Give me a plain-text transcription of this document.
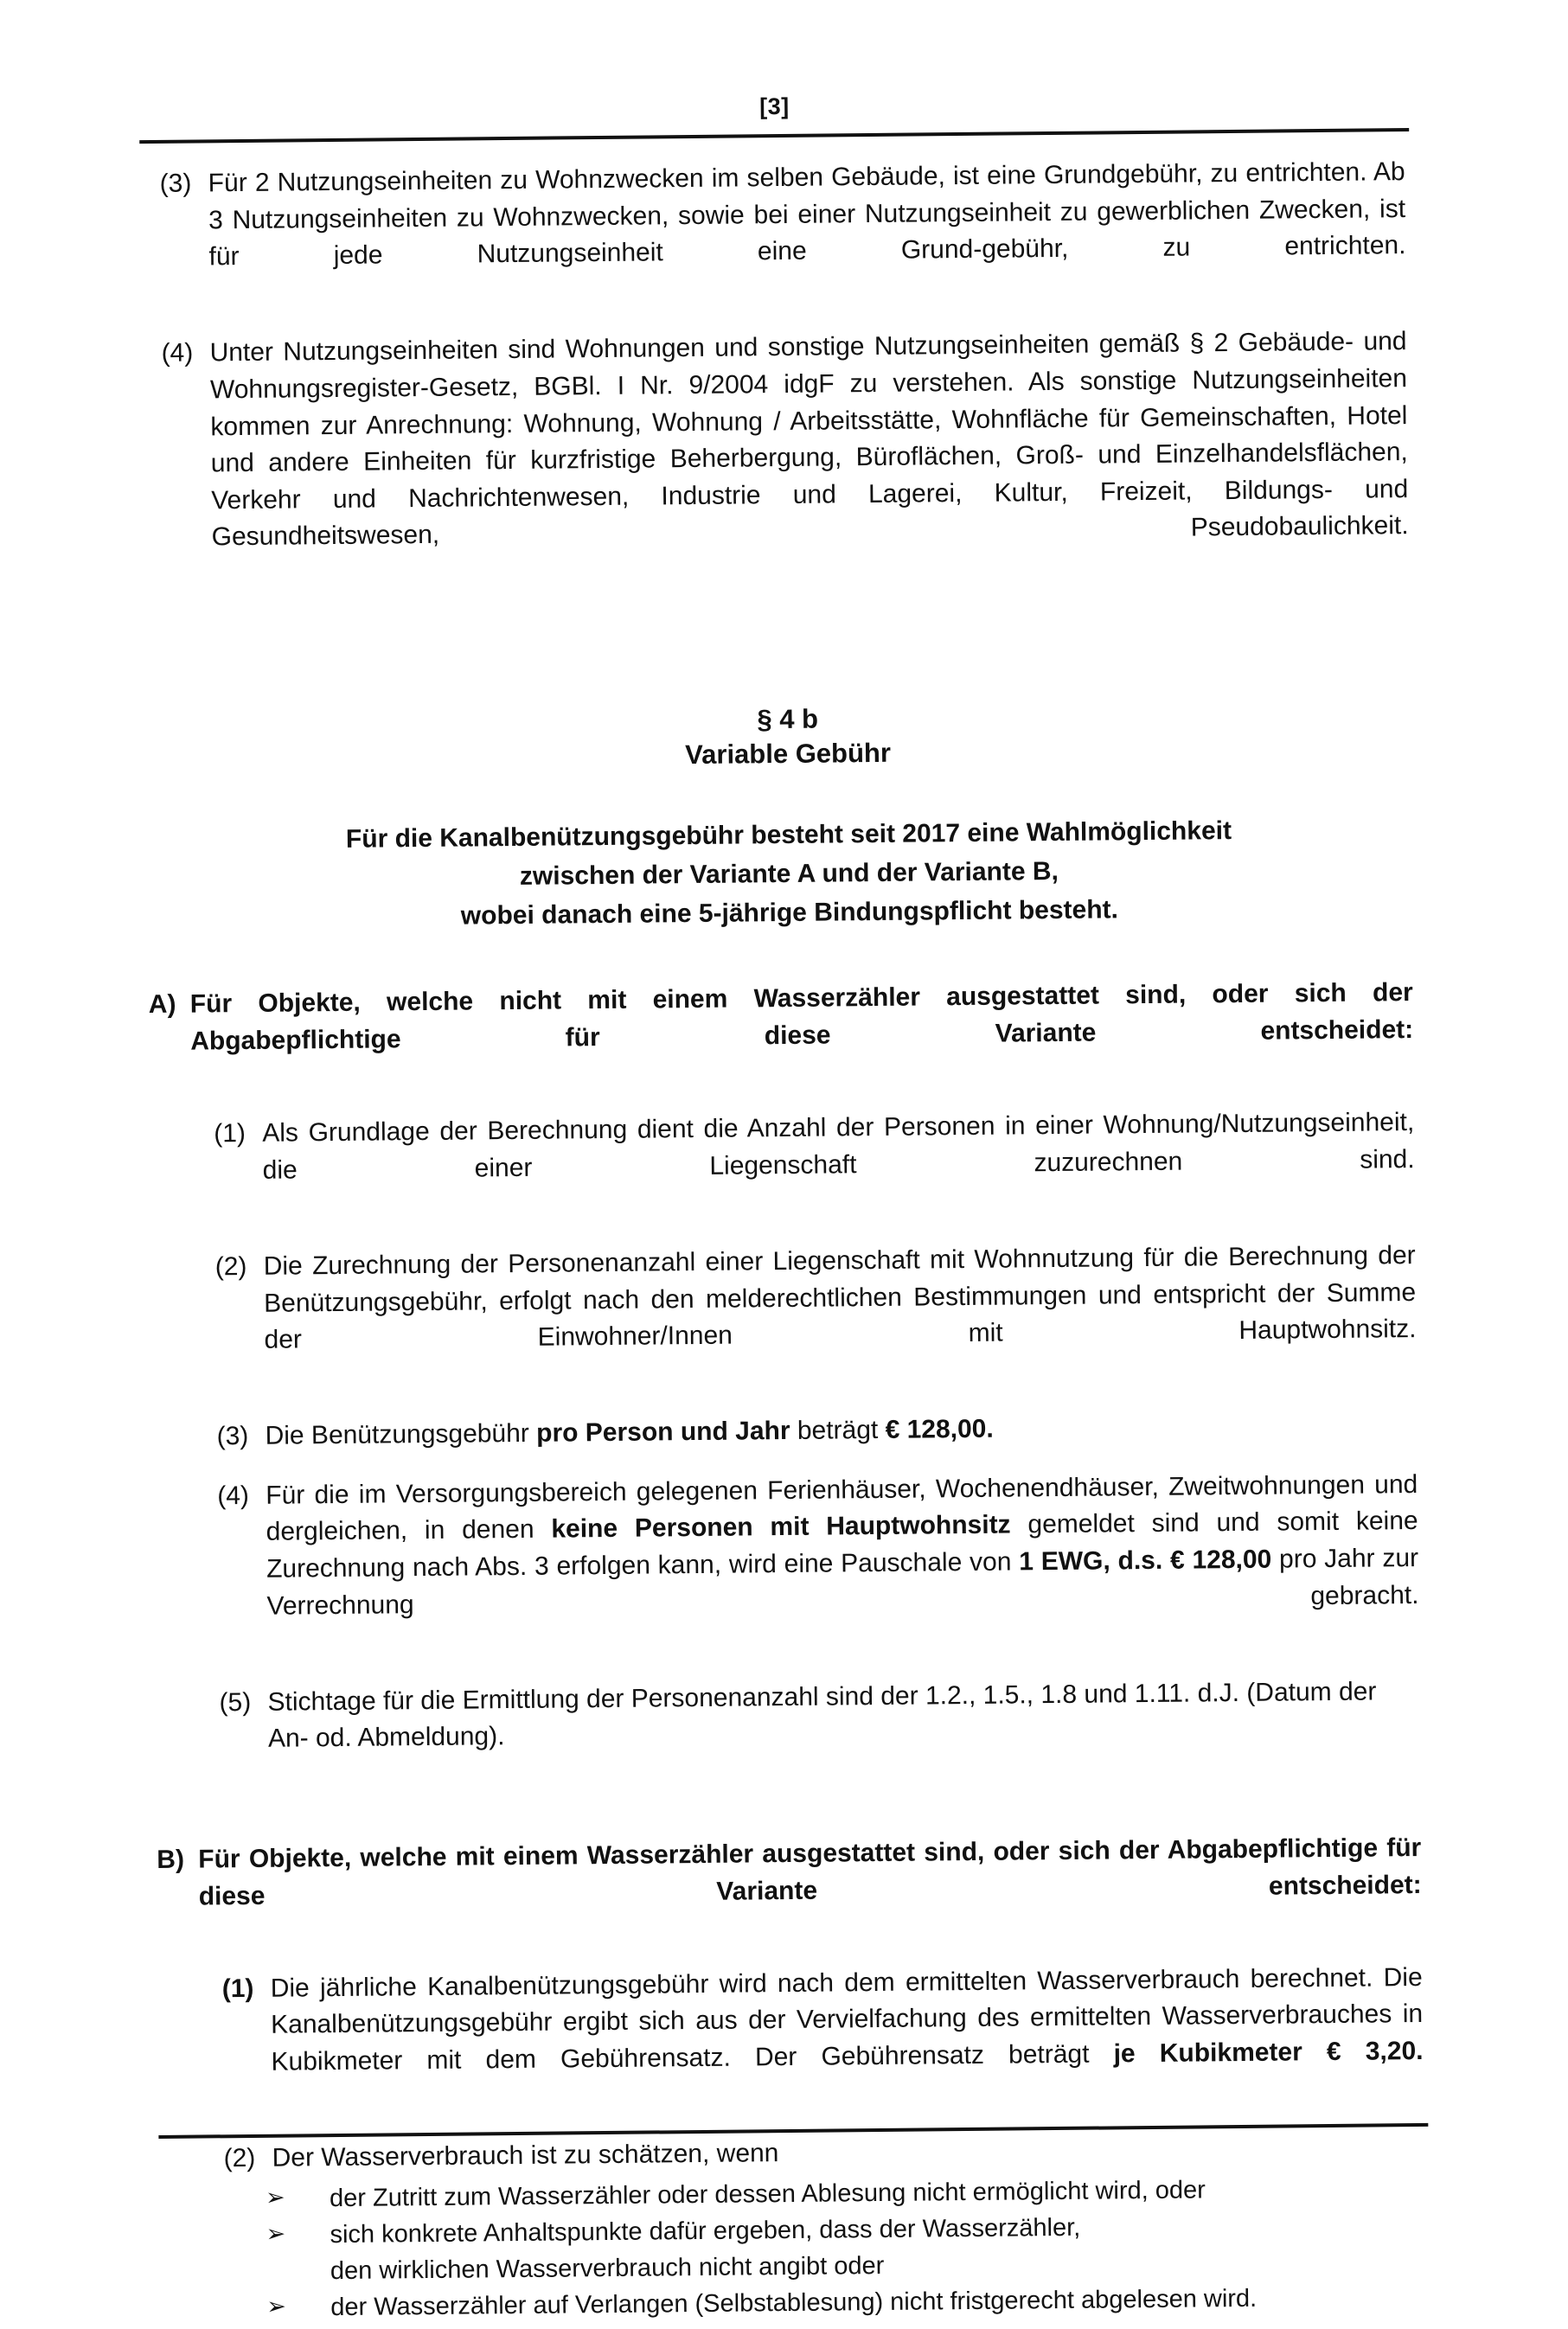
[3]
(3) Für 2 Nutzungseinheiten zu Wohnzwecken im selben Gebäude, ist eine Grundgebühr, zu entrichten. Ab 3 Nutzungseinheiten zu Wohnzwecken, sowie bei einer Nutzungseinheit zu gewerblichen Zwecken, ist für jede Nutzungseinheit eine Grund-gebühr, zu entrichten.
(4) Unter Nutzungseinheiten sind Wohnungen und sonstige Nutzungseinheiten gemäß § 2 Gebäude- und Wohnungsregister-Gesetz, BGBl. I Nr. 9/2004 idgF zu verstehen. Als sonstige Nutzungseinheiten kommen zur Anrechnung: Wohnung, Wohnung / Arbeitsstätte, Wohnfläche für Gemeinschaften, Hotel und andere Einheiten für kurzfristige Beherbergung, Büroflächen, Groß- und Einzelhandelsflächen, Verkehr und Nachrichtenwesen, Industrie und Lagerei, Kultur, Freizeit, Bildungs- und Gesundheitswesen, Pseudobaulichkeit.
§ 4 b
Variable Gebühr
Für die Kanalbenützungsgebühr besteht seit 2017 eine Wahlmöglichkeit
zwischen der Variante A und der Variante B,
wobei danach eine 5-jährige Bindungspflicht besteht.
A) Für Objekte, welche nicht mit einem Wasserzähler ausgestattet sind, oder sich der Abgabepflichtige für diese Variante entscheidet:
(1) Als Grundlage der Berechnung dient die Anzahl der Personen in einer Wohnung/Nutzungseinheit, die einer Liegenschaft zuzurechnen sind.
(2) Die Zurechnung der Personenanzahl einer Liegenschaft mit Wohnnutzung für die Berechnung der Benützungsgebühr, erfolgt nach den melderechtlichen Bestimmungen und entspricht der Summe der Einwohner/Innen mit Hauptwohnsitz.
(3) Die Benützungsgebühr pro Person und Jahr beträgt € 128,00.
(4) Für die im Versorgungsbereich gelegenen Ferienhäuser, Wochenendhäuser, Zweitwohnungen und dergleichen, in denen keine Personen mit Hauptwohnsitz gemeldet sind und somit keine Zurechnung nach Abs. 3 erfolgen kann, wird eine Pauschale von 1 EWG, d.s. € 128,00 pro Jahr zur Verrechnung gebracht.
(5) Stichtage für die Ermittlung der Personenanzahl sind der 1.2., 1.5., 1.8 und 1.11. d.J. (Datum der An- od. Abmeldung).
B) Für Objekte, welche mit einem Wasserzähler ausgestattet sind, oder sich der Abgabepflichtige für diese Variante entscheidet:
(1) Die jährliche Kanalbenützungsgebühr wird nach dem ermittelten Wasserverbrauch berechnet. Die Kanalbenützungsgebühr ergibt sich aus der Vervielfachung des ermittelten Wasserverbrauches in Kubikmeter mit dem Gebührensatz. Der Gebührensatz beträgt je Kubikmeter € 3,20.
(2) Der Wasserverbrauch ist zu schätzen, wenn
➢	der Zutritt zum Wasserzähler oder dessen Ablesung nicht ermöglicht wird, oder
➢	sich konkrete Anhaltspunkte dafür ergeben, dass der Wasserzähler,
den wirklichen Wasserverbrauch nicht angibt oder
➢	der Wasserzähler auf Verlangen (Selbstablesung) nicht fristgerecht abgelesen wird.
